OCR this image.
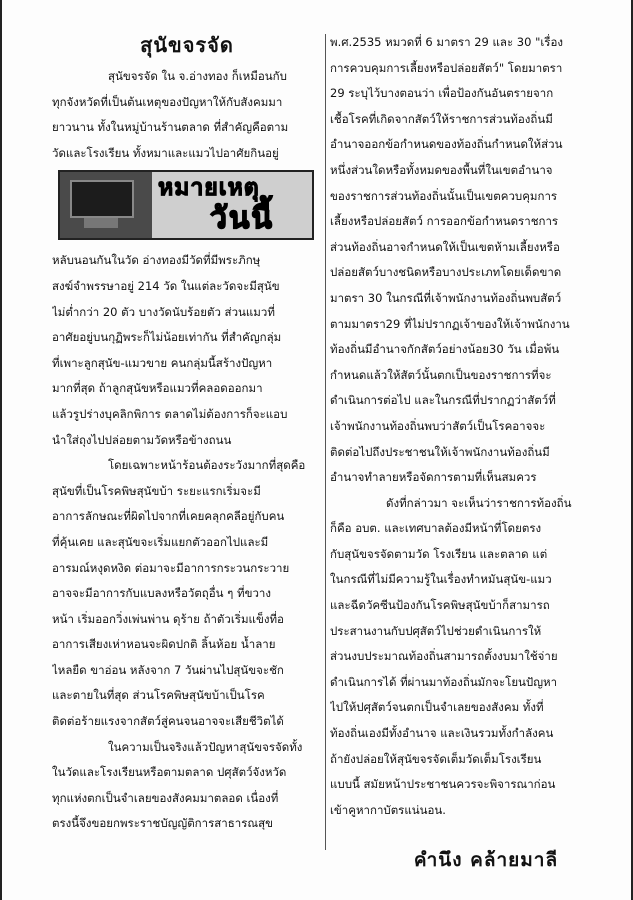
สุนัขจรจัด
สุนัขจรจัด ใน จ.อ่างทอง ก็เหมือนกับ
ทุกจังหวัดที่เป็นต้นเหตุของปัญหาให้กับสังคมมา
ยาวนาน ทั้งในหมู่บ้านร้านตลาด ที่สำคัญคือตาม
วัดและโรงเรียน ทั้งหมาและแมวไปอาศัยกินอยู่
หมายเหตุ
วันนี้
หลับนอนกันในวัด อ่างทองมีวัดที่มีพระภิกษุ
สงฆ์จำพรรษาอยู่ 214 วัด ในแต่ละวัดจะมีสุนัข
ไม่ต่ำกว่า 20 ตัว บางวัดนับร้อยตัว ส่วนแมวที่
อาศัยอยู่บนกุฏิพระก็ไม่น้อยเท่ากัน ที่สำคัญกลุ่ม
ที่เพาะลูกสุนัข-แมวขาย คนกลุ่มนี้สร้างปัญหา
มากที่สุด ถ้าลูกสุนัขหรือแมวที่คลอดออกมา
แล้วรูปร่างบุคลิกพิการ ตลาดไม่ต้องการก็จะแอบ
นำใส่ถุงไปปล่อยตามวัดหรือข้างถนน
โดยเฉพาะหน้าร้อนต้องระวังมากที่สุดคือ
สุนัขที่เป็นโรคพิษสุนัขบ้า ระยะแรกเริ่มจะมี
อาการลักษณะที่ผิดไปจากที่เคยคลุกคลีอยู่กับคน
ที่คุ้นเคย และสุนัขจะเริ่มแยกตัวออกไปและมี
อารมณ์หงุดหงิด ต่อมาจะมีอาการกระวนกระวาย
อาจจะมีอาการกับแบลงหรือวัตถุอื่น ๆ ที่ขวาง
หน้า เริ่มออกวิ่งเพ่นพ่าน ดุร้าย ถ้าตัวเริ่มแข็งที่อ
อาการเสียงเห่าหอนจะผิดปกติ ลิ้นห้อย น้ำลาย
ไหลยืด ขาอ่อน หลังจาก 7 วันผ่านไปสุนัขจะชัก
และตายในที่สุด ส่วนโรคพิษสุนัขบ้าเป็นโรค
ติดต่อร้ายแรงจากสัตว์สู่คนจนอาจจะเสียชีวิตได้
ในความเป็นจริงแล้วปัญหาสุนัขจรจัดทั้ง
ในวัดและโรงเรียนหรือตามตลาด ปศุสัตว์จังหวัด
ทุกแห่งตกเป็นจำเลยของสังคมมาตลอด เนื่องที่
ตรงนี้จึงขอยกพระราชบัญญัติการสาธารณสุข
พ.ศ.2535 หมวดที่ 6 มาตรา 29 และ 30 "เรื่อง
การควบคุมการเลี้ยงหรือปล่อยสัตว์" โดยมาตรา
29 ระบุไว้บางตอนว่า เพื่อป้องกันอันตรายจาก
เชื้อโรคที่เกิดจากสัตว์ให้ราชการส่วนท้องถิ่นมี
อำนาจออกข้อกำหนดของท้องถิ่นกำหนดให้ส่วน
หนึ่งส่วนใดหรือทั้งหมดของพื้นที่ในเขตอำนาจ
ของราชการส่วนท้องถิ่นนั้นเป็นเขตควบคุมการ
เลี้ยงหรือปล่อยสัตว์ การออกข้อกำหนดราชการ
ส่วนท้องถิ่นอาจกำหนดให้เป็นเขตห้ามเลี้ยงหรือ
ปล่อยสัตว์บางชนิดหรือบางประเภทโดยเด็ดขาด
มาตรา 30 ในกรณีที่เจ้าพนักงานท้องถิ่นพบสัตว์
ตามมาตรา29 ที่ไม่ปรากฏเจ้าของให้เจ้าพนักงาน
ท้องถิ่นมีอำนาจกักสัตว์อย่างน้อย30 วัน เมื่อพ้น
กำหนดแล้วให้สัตว์นั้นตกเป็นของราชการที่จะ
ดำเนินการต่อไป และในกรณีที่ปรากฏว่าสัตว์ที่
เจ้าพนักงานท้องถิ่นพบว่าสัตว์เป็นโรคอาจจะ
ติดต่อไปถึงประชาชนให้เจ้าพนักงานท้องถิ่นมี
อำนาจทำลายหรือจัดการตามที่เห็นสมควร
ดังที่กล่าวมา จะเห็นว่าราชการท้องถิ่น
ก็คือ อบต. และเทศบาลต้องมีหน้าที่โดยตรง
กับสุนัขจรจัดตามวัด โรงเรียน และตลาด แต่
ในกรณีที่ไม่มีความรู้ในเรื่องทำหมันสุนัข-แมว
และฉีดวัคซีนป้องกันโรคพิษสุนัขบ้าก็สามารถ
ประสานงานกับปศุสัตว์ไปช่วยดำเนินการให้
ส่วนงบประมาณท้องถิ่นสามารถตั้งงบมาใช้จ่าย
ดำเนินการได้ ที่ผ่านมาท้องถิ่นมักจะโยนปัญหา
ไปให้ปศุสัตว์จนตกเป็นจำเลยของสังคม ทั้งที่
ท้องถิ่นเองมีทั้งอำนาจ และเงินรวมทั้งกำลังคน
ถ้ายังปล่อยให้สุนัขจรจัดเต็มวัดเต็มโรงเรียน
แบบนี้ สมัยหน้าประชาชนควรจะพิจารณาก่อน
เข้าคูหากาบัตรแน่นอน.
คำนึง คล้ายมาลี
